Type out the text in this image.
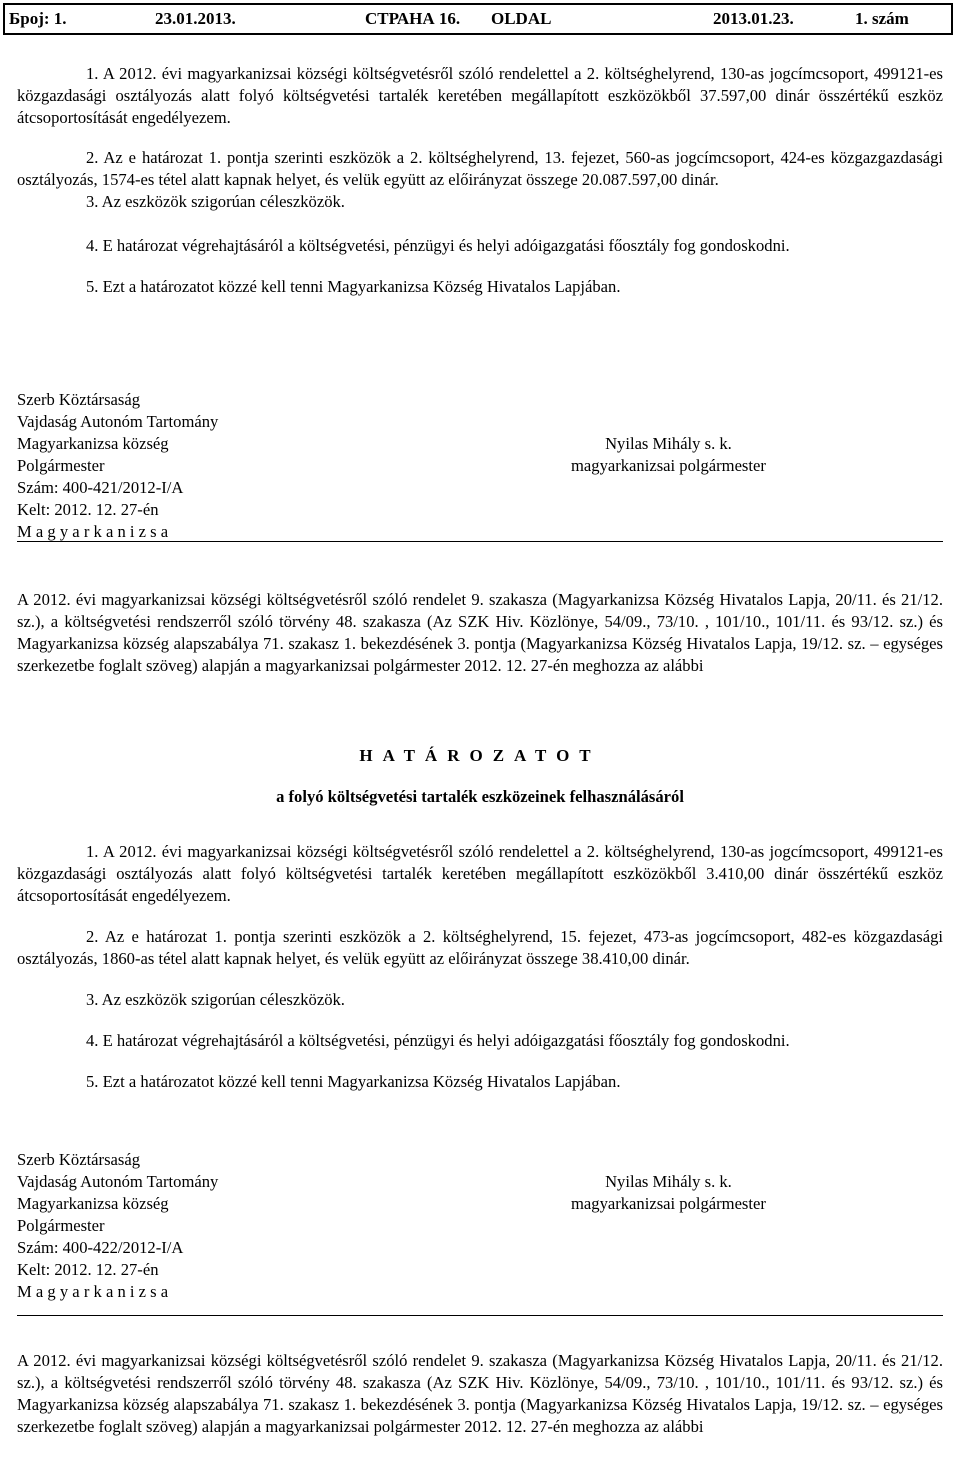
Број: 1.	23.01.2013.	СТРАНА 16. OLDAL	2013.01.23.	1. szám

1. A 2012. évi magyarkanizsai községi költségvetésről szóló rendelettel a 2. költséghelyrend, 130-as jogcímcsoport, 499121-es közgazdasági osztályozás alatt folyó költségvetési tartalék keretében megállapított eszközökből 37.597,00 dinár összértékű eszköz átcsoportosítását engedélyezem.

2. Az e határozat 1. pontja szerinti eszközök a 2. költséghelyrend, 13. fejezet, 560-as jogcímcsoport, 424-es közgazgazdasági osztályozás, 1574-es tétel alatt kapnak helyet, és velük együtt az előirányzat összege 20.087.597,00 dinár.

3. Az eszközök szigorúan céleszközök.

4. E határozat végrehajtásáról a költségvetési, pénzügyi és helyi adóigazgatási főosztály fog gondoskodni.

5. Ezt a határozatot közzé kell tenni Magyarkanizsa Község Hivatalos Lapjában.

Szerb Köztársaság
Vajdaság Autonóm Tartomány
Magyarkanizsa község
Polgármester
Szám: 400-421/2012-I/A
Kelt: 2012. 12. 27-én
M a g y a r k a n i z s a
Nyilas Mihály s. k.
magyarkanizsai polgármester

A 2012. évi magyarkanizsai községi költségvetésről szóló rendelet 9. szakasza (Magyarkanizsa Község Hivatalos Lapja, 20/11. és 21/12. sz.), a költségvetési rendszerről szóló törvény 48. szakasza (Az SZK Hiv. Közlönye, 54/09., 73/10. , 101/10., 101/11. és 93/12. sz.) és Magyarkanizsa község alapszabálya 71. szakasz 1. bekezdésének 3. pontja (Magyarkanizsa Község Hivatalos Lapja, 19/12. sz. – egységes szerkezetbe foglalt szöveg) alapján a magyarkanizsai polgármester 2012. 12. 27-én meghozza az alábbi

HATÁROZATOT
a folyó költségvetési tartalék eszközeinek felhasználásáról

1. A 2012. évi magyarkanizsai községi költségvetésről szóló rendelettel a 2. költséghelyrend, 130-as jogcímcsoport, 499121-es közgazdasági osztályozás alatt folyó költségvetési tartalék keretében megállapított eszközökből 3.410,00 dinár összértékű eszköz átcsoportosítását engedélyezem.

2. Az e határozat 1. pontja szerinti eszközök a 2. költséghelyrend, 15. fejezet, 473-as jogcímcsoport, 482-es közgazdasági osztályozás, 1860-as tétel alatt kapnak helyet, és velük együtt az előirányzat összege 38.410,00 dinár.

3. Az eszközök szigorúan céleszközök.

4. E határozat végrehajtásáról a költségvetési, pénzügyi és helyi adóigazgatási főosztály fog gondoskodni.

5. Ezt a határozatot közzé kell tenni Magyarkanizsa Község Hivatalos Lapjában.

Szerb Köztársaság
Vajdaság Autonóm Tartomány
Magyarkanizsa község
Polgármester
Szám: 400-422/2012-I/A
Kelt: 2012. 12. 27-én
M a g y a r k a n i z s a
Nyilas Mihály s. k.
magyarkanizsai polgármester

A 2012. évi magyarkanizsai községi költségvetésről szóló rendelet 9. szakasza (Magyarkanizsa Község Hivatalos Lapja, 20/11. és 21/12. sz.), a költségvetési rendszerről szóló törvény 48. szakasza (Az SZK Hiv. Közlönye, 54/09., 73/10. , 101/10., 101/11. és 93/12. sz.) és Magyarkanizsa község alapszabálya 71. szakasz 1. bekezdésének 3. pontja (Magyarkanizsa Község Hivatalos Lapja, 19/12. sz. – egységes szerkezetbe foglalt szöveg) alapján a magyarkanizsai polgármester 2012. 12. 27-én meghozza az alábbi
